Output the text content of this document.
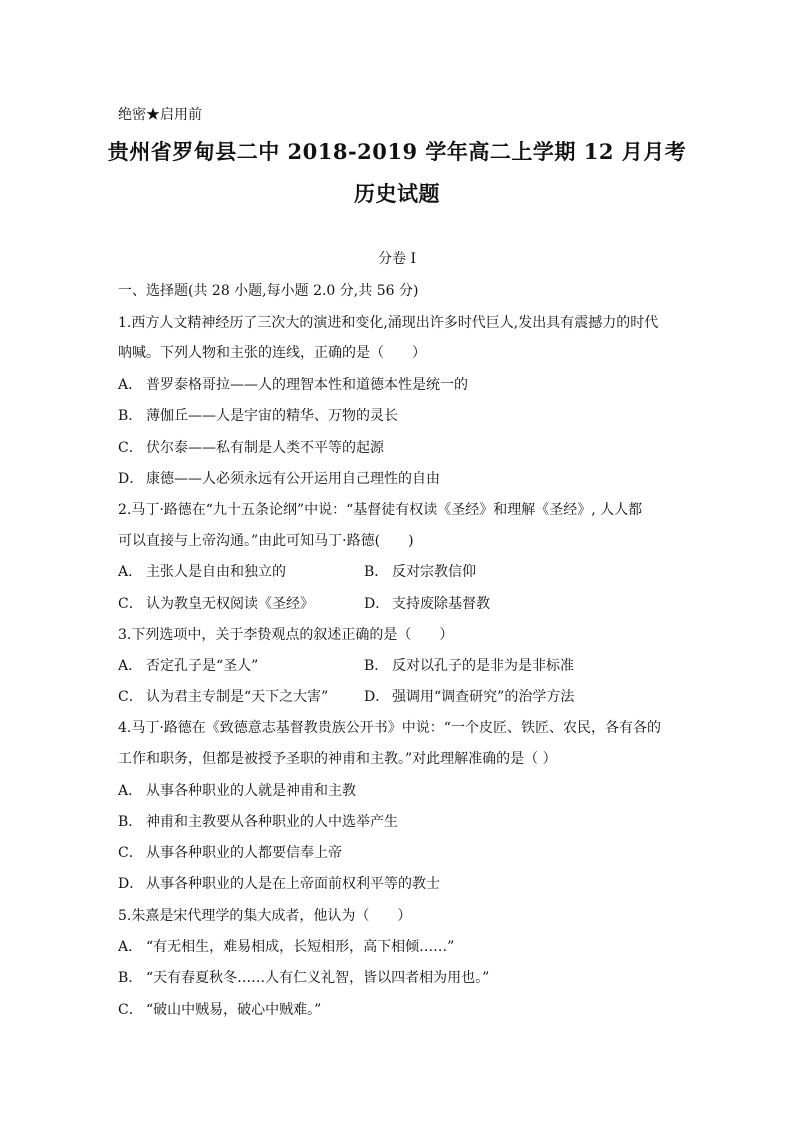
绝密★启用前
贵州省罗甸县二中 2018-2019 学年高二上学期 12 月月考
历史试题
分卷 I
一、选择题(共 28 小题,每小题 2.0 分,共 56 分)
1.西方人文精神经历了三次大的演进和变化,涌现出许多时代巨人,发出具有震撼力的时代
呐喊。下列人物和主张的连线，正确的是（　　）
A． 普罗泰格哥拉——人的理智本性和道德本性是统一的
B． 薄伽丘——人是宇宙的精华、万物的灵长
C． 伏尔泰——私有制是人类不平等的起源
D． 康德——人必须永远有公开运用自己理性的自由
2.马丁·路德在“九十五条论纲”中说：“基督徒有权读《圣经》和理解《圣经》, 人人都
可以直接与上帝沟通。”由此可知马丁·路德(　　)
A． 主张人是自由和独立的	B． 反对宗教信仰
C． 认为教皇无权阅读《圣经》	D． 支持废除基督教
3.下列选项中，关于李贽观点的叙述正确的是（　　）
A． 否定孔子是“圣人”	B． 反对以孔子的是非为是非标准
C． 认为君主专制是“天下之大害”	D． 强调用“调查研究”的治学方法
4.马丁·路德在《致德意志基督教贵族公开书》中说：“一个皮匠、铁匠、农民，各有各的
工作和职务，但都是被授予圣职的神甫和主教。”对此理解准确的是（ ）
A． 从事各种职业的人就是神甫和主教
B． 神甫和主教要从各种职业的人中选举产生
C． 从事各种职业的人都要信奉上帝
D． 从事各种职业的人是在上帝面前权利平等的教士
5.朱熹是宋代理学的集大成者，他认为（　　）
A． “有无相生，难易相成，长短相形，高下相倾……”
B． “天有春夏秋冬……人有仁义礼智，皆以四者相为用也。”
C． “破山中贼易，破心中贼难。”
